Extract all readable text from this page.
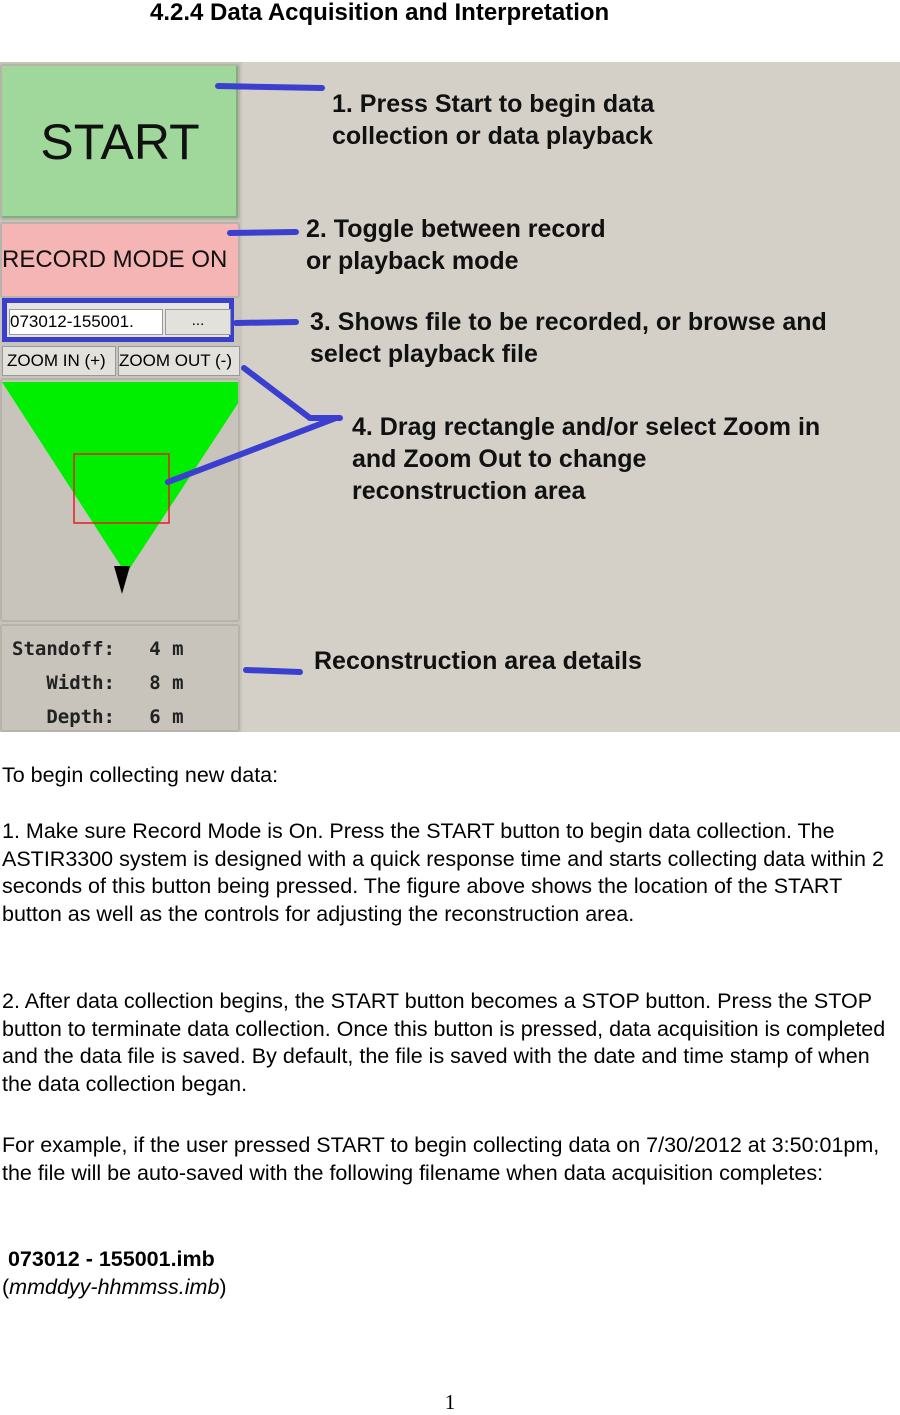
4.2.4 Data Acquisition and Interpretation
START
RECORD MODE ON
073012-155001.	...
ZOOM IN (+) ZOOM OUT (-)
Standoff:   4 m
Width:   8 m
Depth:   6 m
1. Press Start to begin data
collection or data playback
2. Toggle between record
or playback mode
3. Shows file to be recorded, or browse and
select playback file
4. Drag rectangle and/or select Zoom in
and Zoom Out to change
reconstruction area
Reconstruction area details
To begin collecting new data:
1. Make sure Record Mode is On. Press the START button to begin data collection. The ASTIR3300 system is designed with a quick response time and starts collecting data within 2 seconds of this button being pressed. The figure above shows the location of the START button as well as the controls for adjusting the reconstruction area.
2. After data collection begins, the START button becomes a STOP button. Press the STOP button to terminate data collection. Once this button is pressed, data acquisition is completed and the data file is saved. By default, the file is saved with the date and time stamp of when the data collection began.
For example, if the user pressed START to begin collecting data on 7/30/2012 at 3:50:01pm, the file will be auto-saved with the following filename when data acquisition completes:
073012 - 155001.imb
(mmddyy-hhmmss.imb)
1
